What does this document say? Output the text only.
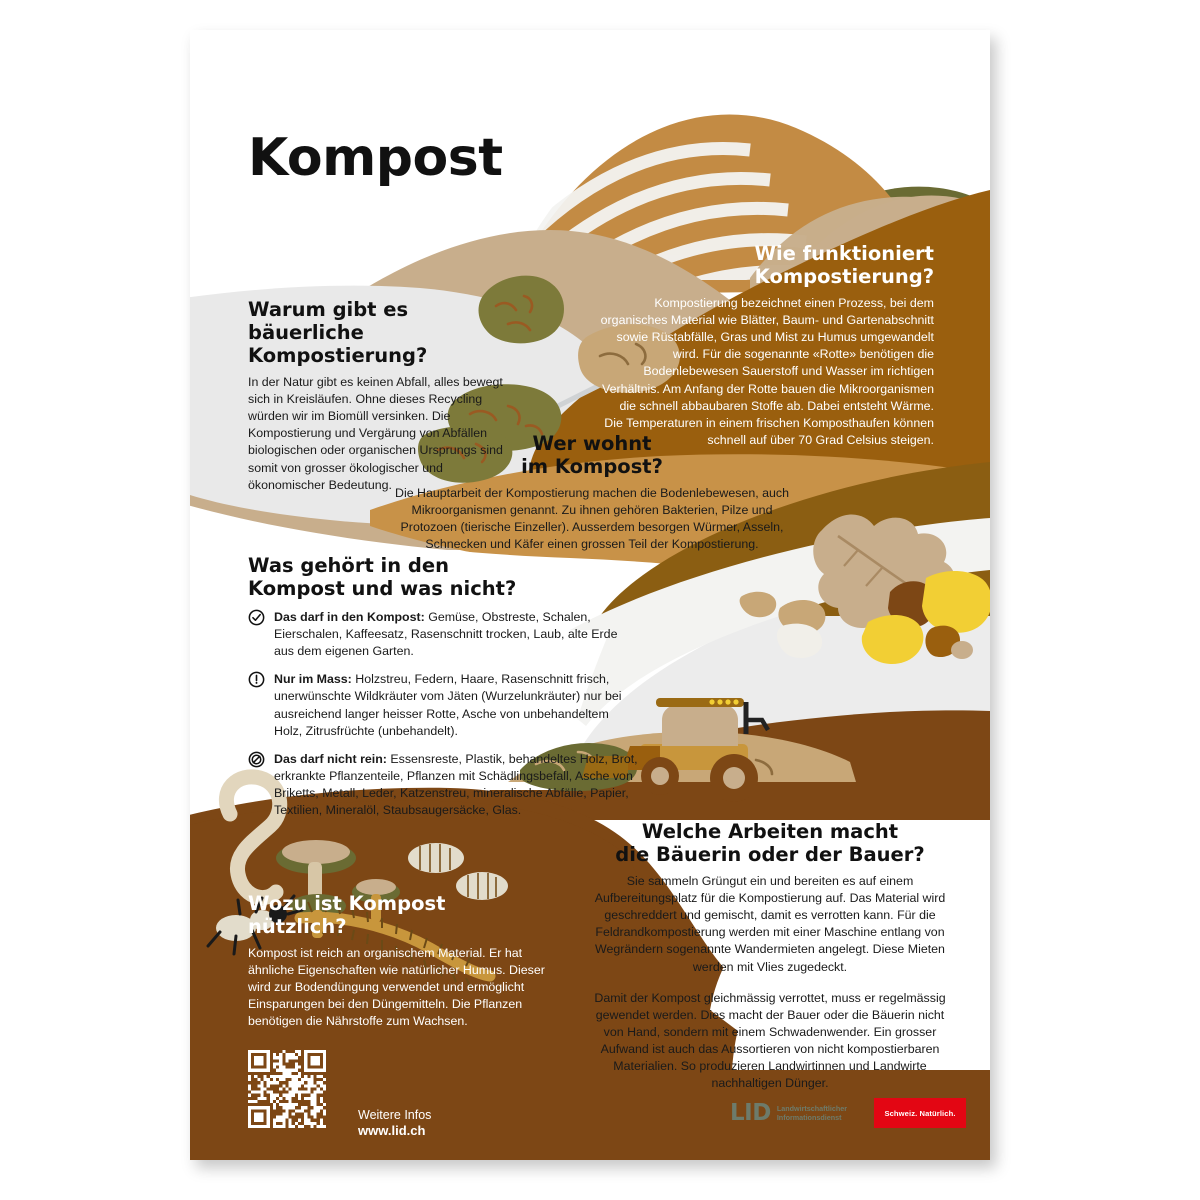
Kompost
Warum gibt es
bäuerliche Kompostierung?

In der Natur gibt es keinen Abfall, alles bewegt sich in Kreisläufen. Ohne dieses Recycling würden wir im Biomüll versinken. Die Kompostierung und Vergärung von Abfällen biologischen oder organischen Ursprungs sind somit von grosser ökologischer und ökonomischer Bedeutung.

Wie funktioniert
Kompostierung?

Kompostierung bezeichnet einen Prozess, bei dem organisches Material wie Blätter, Baum- und Gartenabschnitt sowie Rüstabfälle, Gras und Mist zu Humus umgewandelt wird. Für die sogenannte «Rotte» benötigen die Bodenlebewesen Sauerstoff und Wasser im richtigen Verhältnis. Am Anfang der Rotte bauen die Mikroorganismen die schnell abbaubaren Stoffe ab. Dabei entsteht Wärme. Die Temperaturen in einem frischen Komposthaufen können schnell auf über 70 Grad Celsius steigen.

Wer wohnt
im Kompost?

Die Hauptarbeit der Kompostierung machen die Bodenlebewesen, auch Mikroorganismen genannt. Zu ihnen gehören Bakterien, Pilze und Protozoen (tierische Einzeller). Ausserdem besorgen Würmer, Asseln, Schnecken und Käfer einen grossen Teil der Kompostierung.

Was gehört in den
Kompost und was nicht?
Das darf in den Kompost: Gemüse, Obstreste, Schalen, Eierschalen, Kaffeesatz, Rasenschnitt trocken, Laub, alte Erde aus dem eigenen Garten.
Nur im Mass: Holzstreu, Federn, Haare, Rasenschnitt frisch, unerwünschte Wildkräuter vom Jäten (Wurzelunkräuter) nur bei ausreichend langer heisser Rotte, Asche von unbehandeltem Holz, Zitrusfrüchte (unbehandelt).
Das darf nicht rein: Essensreste, Plastik, behandeltes Holz, Brot, erkrankte Pflanzenteile, Pflanzen mit Schädlingsbefall, Asche von Briketts, Metall, Leder, Katzenstreu, mineralische Abfälle, Papier, Textilien, Mineralöl, Staubsaugersäcke, Glas.
Wozu ist Kompost nützlich?

Kompost ist reich an organischem Material. Er hat ähnliche Eigenschaften wie natürlicher Humus. Dieser wird zur Bodendüngung verwendet und ermöglicht Einsparungen bei den Düngemitteln. Die Pflanzen benötigen die Nährstoffe zum Wachsen.

Welche Arbeiten macht
die Bäuerin oder der Bauer?

Sie sammeln Grüngut ein und bereiten es auf einem Aufbereitungsplatz für die Kompostierung auf. Das Material wird geschreddert und gemischt, damit es verrotten kann. Für die Feldrandkompostierung werden mit einer Maschine entlang von Wegrändern sogenannte Wandermieten angelegt. Diese Mieten werden mit Vlies zugedeckt.

Damit der Kompost gleichmässig verrottet, muss er regelmässig gewendet werden. Dies macht der Bauer oder die Bäuerin nicht von Hand, sondern mit einem Schwadenwender. Ein grosser Aufwand ist auch das Aussortieren von nicht kompostierbaren Materialien. So produzieren Landwirtinnen und Landwirte nachhaltigen Dünger.

Weitere Infos
www.lid.ch
LID Landwirtschaftlicher
Informationsdienst	Schweiz. Natürlich.
